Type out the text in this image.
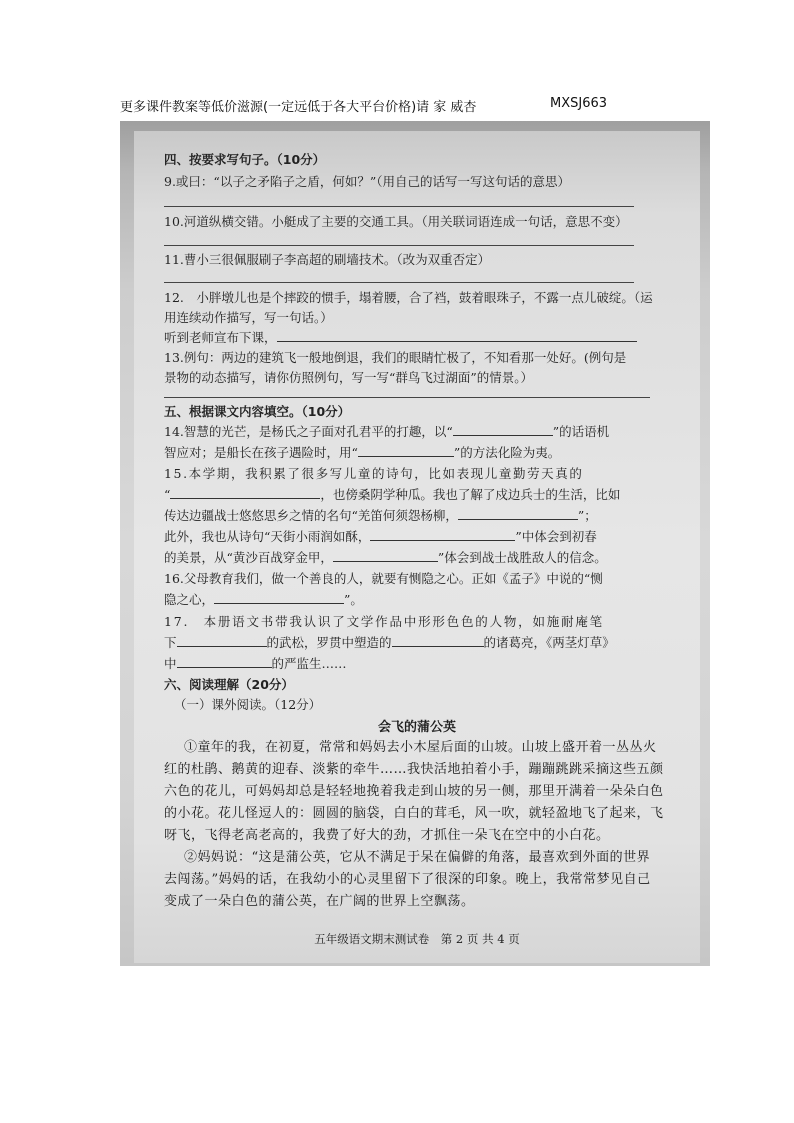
更多课件教案等低价滋源(一定远低于各大平台价格)请 家 威杏	MXSJ663
四、按要求写句子。（10分）
9.或曰：“以子之矛陷子之盾，何如？”（用自己的话写一写这句话的意思）
10.河道纵横交错。小艇成了主要的交通工具。（用关联词语连成一句话，意思不变）
11.曹小三很佩服刷子李高超的刷墙技术。（改为双重否定）
12.　小胖墩儿也是个摔跤的惯手，塌着腰，合了裆，鼓着眼珠子，不露一点儿破绽。（运
用连续动作描写，写一句话。）
听到老师宣布下课，
13.例句：两边的建筑飞一般地倒退，我们的眼睛忙极了，不知看那一处好。(例句是
景物的动态描写，请你仿照例句，写一写“群鸟飞过湖面”的情景。）
五、根据课文内容填空。（10分）
14.智慧的光芒，是杨氏之子面对孔君平的打趣，以“	”的话语机
智应对；是船长在孩子遇险时，用“	”的方法化险为夷。
15.本学期，我积累了很多写儿童的诗句，比如表现儿童勤劳天真的
“	，也傍桑阴学种瓜。我也了解了戍边兵士的生活，比如
传达边疆战士悠悠思乡之情的名句“羌笛何须怨杨柳，	”；
此外，我也从诗句“天街小雨润如酥，	”中体会到初春
的美景，从“黄沙百战穿金甲，	”体会到战士战胜敌人的信念。
16.父母教育我们，做一个善良的人，就要有恻隐之心。正如《孟子》中说的“恻
隐之心，	”。
17.　本册语文书带我认识了文学作品中形形色色的人物，如施耐庵笔
下	的武松，罗贯中塑造的	的诸葛亮，《两茎灯草》
中	的严监生……
六、阅读理解（20分）
（一）课外阅读。（12分）
会飞的蒲公英
①童年的我，在初夏，常常和妈妈去小木屋后面的山坡。山坡上盛开着一丛丛火
红的杜鹃、鹅黄的迎春、淡紫的牵牛……我快活地拍着小手，蹦蹦跳跳采摘这些五颜
六色的花儿，可妈妈却总是轻轻地挽着我走到山坡的另一侧，那里开满着一朵朵白色
的小花。花儿怪逗人的：圆圆的脑袋，白白的茸毛，风一吹，就轻盈地飞了起来，飞
呀飞，飞得老高老高的，我费了好大的劲，才抓住一朵飞在空中的小白花。
②妈妈说：“这是蒲公英，它从不满足于呆在偏僻的角落，最喜欢到外面的世界
去闯荡。”妈妈的话，在我幼小的心灵里留下了很深的印象。晚上，我常常梦见自己
变成了一朵白色的蒲公英，在广阔的世界上空飘荡。
五年级语文期末测试卷　第 2 页 共 4 页
